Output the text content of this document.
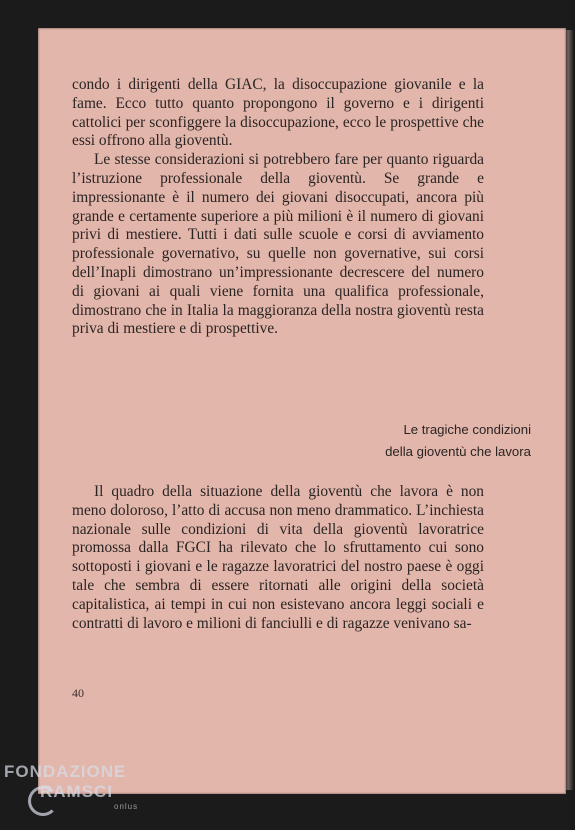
condo i dirigenti della GIAC, la disoccupazione giovanile e la fame. Ecco tutto quanto propongono il governo e i dirigenti cattolici per sconfiggere la disoccupazione, ecco le prospettive che essi offrono alla gioventù.

Le stesse considerazioni si potrebbero fare per quanto riguarda l’istruzione professionale della gioventù. Se grande e impressionante è il numero dei giovani disoccupati, ancora più grande e certamente superiore a più milioni è il numero di giovani privi di mestiere. Tutti i dati sulle scuole e corsi di avviamento professionale governativo, su quelle non governative, sui corsi dell’Inapli dimostrano un’impressionante decrescere del numero di giovani ai quali viene fornita una qualifica professionale, dimostrano che in Italia la maggioranza della nostra gioventù resta priva di mestiere e di prospettive.

Le tragiche condizioni
della gioventù che lavora

Il quadro della situazione della gioventù che lavora è non meno doloroso, l’atto di accusa non meno drammatico. L’inchiesta nazionale sulle condizioni di vita della gioventù lavoratrice promossa dalla FGCI ha rilevato che lo sfruttamento cui sono sottoposti i giovani e le ragazze lavoratrici del nostro paese è oggi tale che sembra di essere ritornati alle origini della società capitalistica, ai tempi in cui non esistevano ancora leggi sociali e contratti di lavoro e milioni di fanciulli e di ragazze venivano sa-

40
FONDAZIONE
RAMSCI
onlus
